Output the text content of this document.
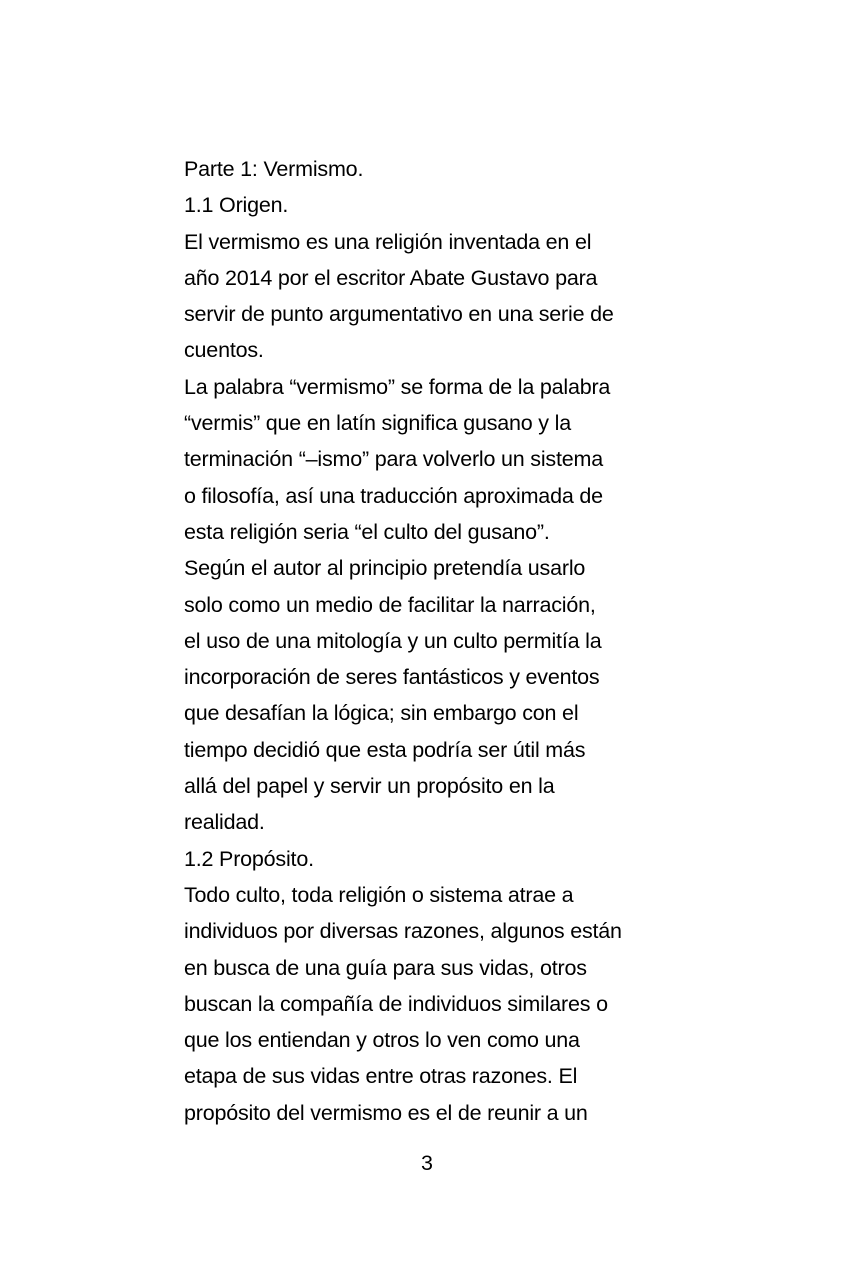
Parte 1: Vermismo.
1.1 Origen.
El vermismo es una religión inventada en el
año 2014 por el escritor Abate Gustavo para
servir de punto argumentativo en una serie de
cuentos.
La palabra “vermismo” se forma de la palabra
“vermis” que en latín significa gusano y la
terminación “–ismo” para volverlo un sistema
o filosofía, así una traducción aproximada de
esta religión seria “el culto del gusano”.
Según el autor al principio pretendía usarlo
solo como un medio de facilitar la narración,
el uso de una mitología y un culto permitía la
incorporación de seres fantásticos y eventos
que desafían la lógica; sin embargo con el
tiempo decidió que esta podría ser útil más
allá del papel y servir un propósito en la
realidad.
1.2 Propósito.
Todo culto, toda religión o sistema atrae a
individuos por diversas razones, algunos están
en busca de una guía para sus vidas, otros
buscan la compañía de individuos similares o
que los entiendan y otros lo ven como una
etapa de sus vidas entre otras razones. El
propósito del vermismo es el de reunir a un
3
